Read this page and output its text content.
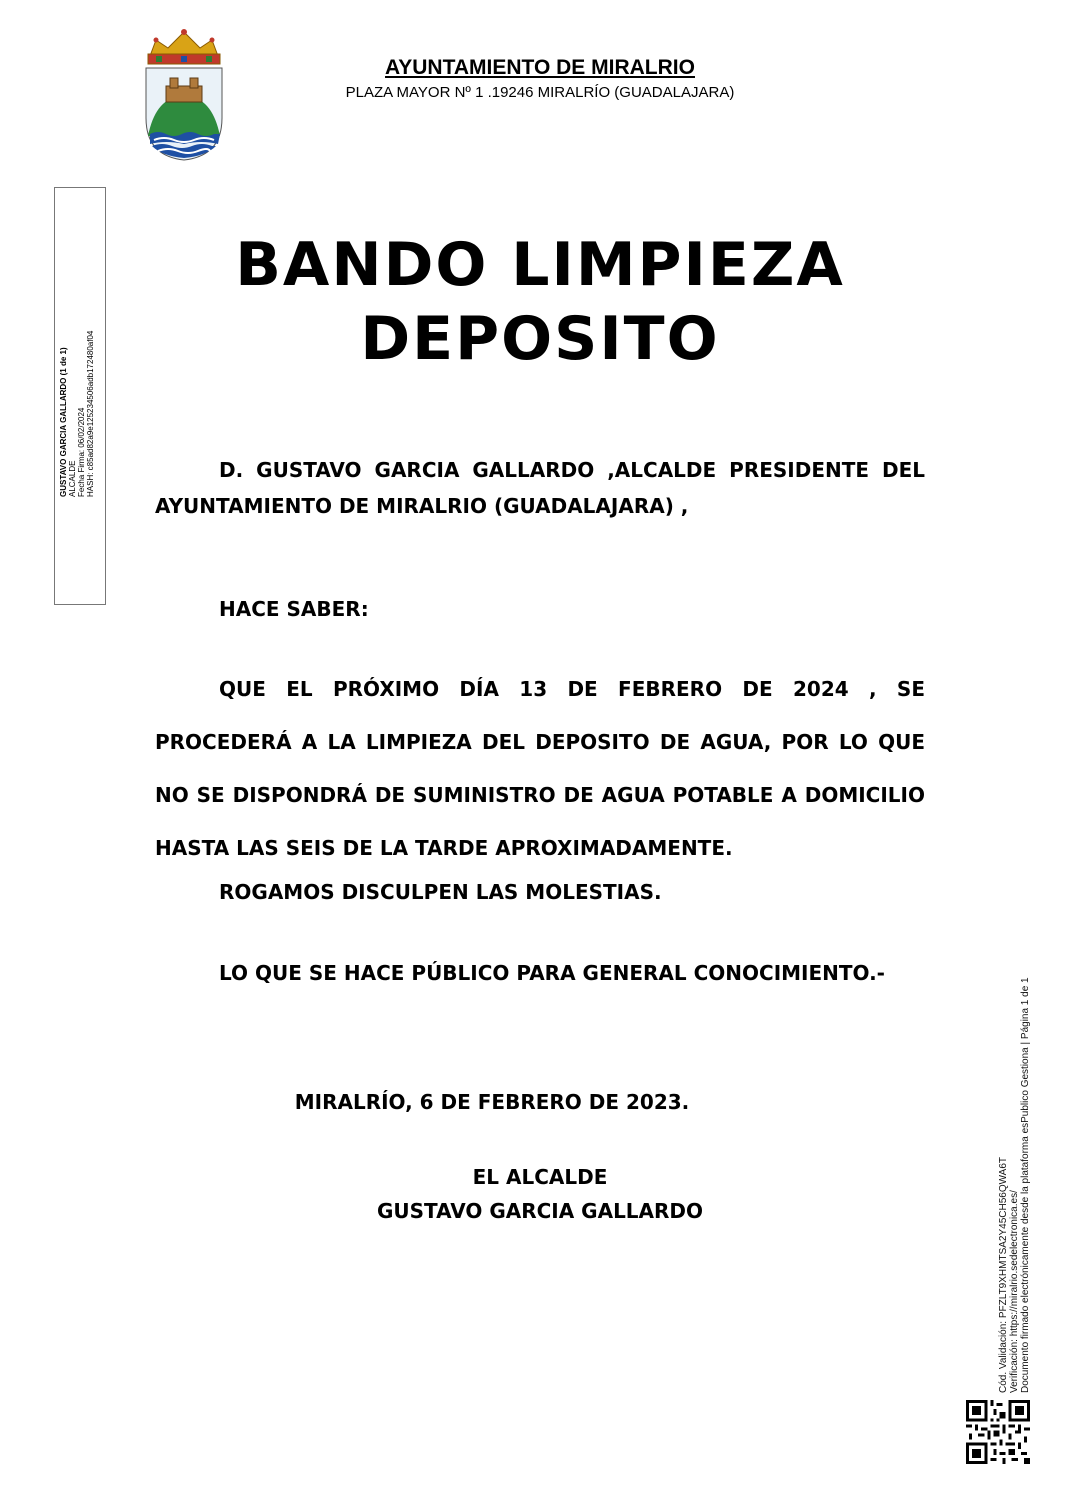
AYUNTAMIENTO DE MIRALRIO
PLAZA MAYOR Nº 1 .19246 MIRALRÍO (GUADALAJARA)
GUSTAVO GARCIA GALLARDO (1 de 1) ALCALDE Fecha Firma: 06/02/2024 HASH: c85ad82a9e125234506adb172480af04
BANDO LIMPIEZA
DEPOSITO
D. GUSTAVO GARCIA GALLARDO ,ALCALDE PRESIDENTE DEL AYUNTAMIENTO DE MIRALRIO (GUADALAJARA) ,
HACE SABER:
QUE EL PRÓXIMO DÍA 13 DE FEBRERO DE 2024 , SE PROCEDERÁ A LA LIMPIEZA DEL DEPOSITO DE AGUA, POR LO QUE NO SE DISPONDRÁ DE SUMINISTRO DE AGUA POTABLE A DOMICILIO HASTA LAS SEIS DE LA TARDE APROXIMADAMENTE.
ROGAMOS DISCULPEN LAS MOLESTIAS.
LO QUE SE HACE PÚBLICO PARA GENERAL CONOCIMIENTO.-
MIRALRÍO, 6 DE FEBRERO DE 2023.
EL ALCALDE
GUSTAVO GARCIA GALLARDO	Cód. Validación: PFZLT9XHMTSA2Y45CH56QWA6T Verificación: https://miralrio.sedelectronica.es/ Documento firmado electrónicamente desde la plataforma esPublico Gestiona | Página 1 de 1
